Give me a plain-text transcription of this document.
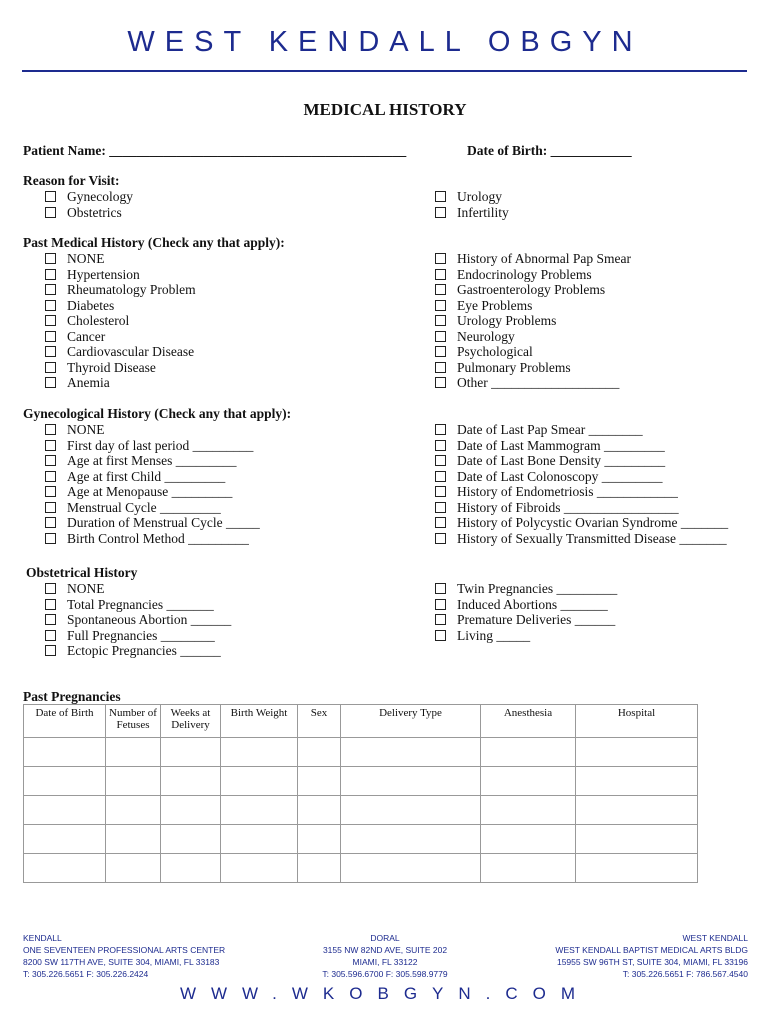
WEST KENDALL OBGYN
MEDICAL HISTORY
Patient Name: ____________________________________________	Date of Birth: ____________
Reason for Visit:
Gynecology
Obstetrics
Urology
Infertility
Past Medical History (Check any that apply):
NONE
Hypertension
Rheumatology Problem
Diabetes
Cholesterol
Cancer
Cardiovascular Disease
Thyroid Disease
Anemia
History of Abnormal Pap Smear
Endocrinology Problems
Gastroenterology Problems
Eye Problems
Urology Problems
Neurology
Psychological
Pulmonary Problems
Other ___________________
Gynecological History (Check any that apply):
NONE
First day of last period _________
Age at first Menses _________
Age at first Child _________
Age at Menopause _________
Menstrual Cycle _________
Duration of Menstrual Cycle _____
Birth Control Method _________
Date of Last Pap Smear ________
Date of Last Mammogram _________
Date of Last Bone Density _________
Date of Last Colonoscopy _________
History of Endometriosis ____________
History of Fibroids _________________
History of Polycystic Ovarian Syndrome _______
History of Sexually Transmitted Disease _______
Obstetrical History
NONE
Total Pregnancies _______
Spontaneous Abortion ______
Full Pregnancies ________
Ectopic Pregnancies ______
Twin Pregnancies _________
Induced Abortions _______
Premature Deliveries ______
Living _____
Past Pregnancies
Date of Birth	Number of Fetuses	Weeks at Delivery	Birth Weight	Sex	Delivery Type	Anesthesia	Hospital

KENDALL
ONE SEVENTEEN PROFESSIONAL ARTS CENTER
8200 SW 117TH AVE, SUITE 304, MIAMI, FL 33183
T: 305.226.5651 F: 305.226.2424
DORAL
3155 NW 82ND AVE, SUITE 202
MIAMI, FL 33122
T: 305.596.6700 F: 305.598.9779
WEST KENDALL
WEST KENDALL BAPTIST MEDICAL ARTS BLDG
15955 SW 96TH ST, SUITE 304, MIAMI, FL 33196
T: 305.226.5651 F: 786.567.4540
WWW.WKOBGYN.COM
